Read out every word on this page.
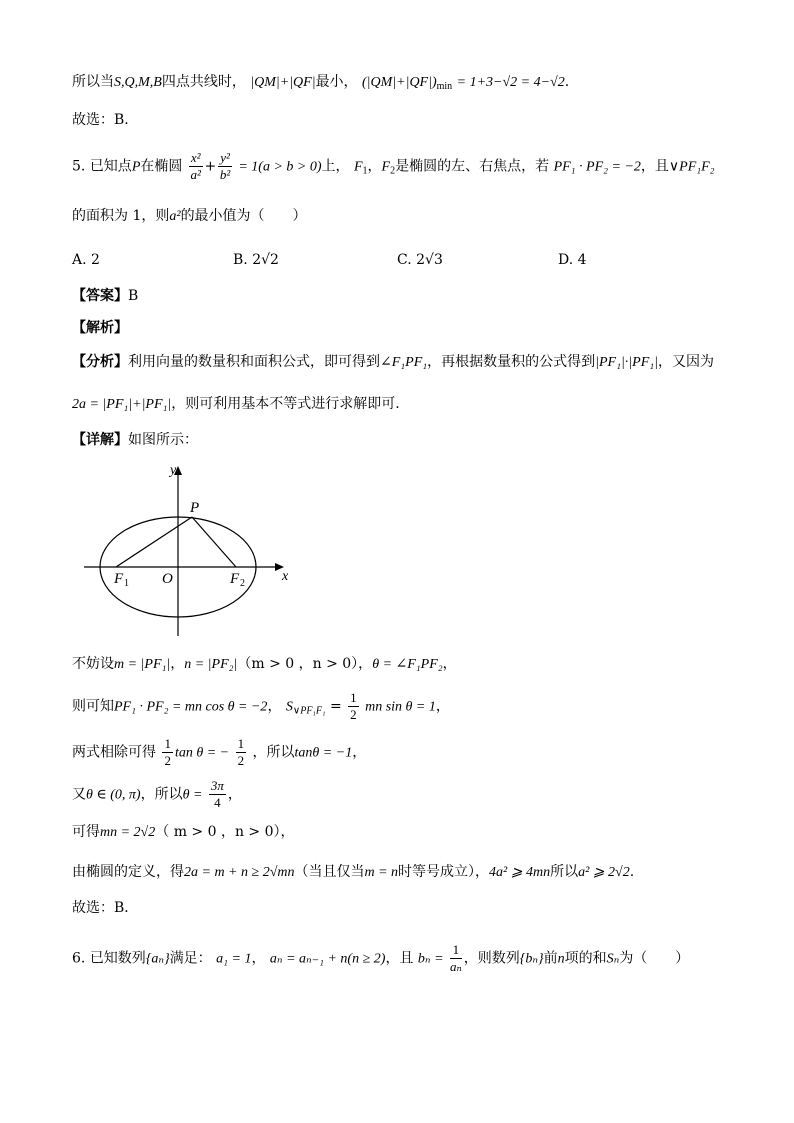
所以当S,Q,M,B四点共线时， |QM|+|QF|最小， $(|QM|+|QF|)_{min} = 1+3-√2 = 4-√2$.
故选：B.
5. 已知点P在椭圆 $\frac{\text{x²}}{\text{a²}} + \frac{\text{y²}}{\text{b²}} = 1(a > b > 0)$上， $F_1$，$F_2$是椭圆的左、右焦点，若 PF₁ · PF₂ = −2，且∨PF₁F₂
的面积为 1，则a²的最小值为（　　）
A. 2	B. 2√2	C. 2√3	D. 4
【答案】B
【解析】
【分析】利用向量的数量积和面积公式，即可得到∠F₁PF₁，再根据数量积的公式得到|PF₁|·|PF₁|，又因为
2a = |PF₁|+|PF₁|，则可利用基本不等式进行求解即可.
【详解】如图所示：
y
x
P
O
F 1	F 2
不妨设m = |PF₁|，n = |PF₂|（m > 0 ，n > 0），θ = ∠F₁PF₂，
则可知PF₁ · PF₂ = mn cos θ = −2， $S_{\vee PF_1F_1} = \frac{1}{2}$ mn sin θ = 1，
两式相除可得 $\frac{1}{2}$ tan θ = − $\frac{1}{2}$ ，所以tanθ = −1，
又θ ∈ (0, π)，所以$\theta = \frac{3\pi}{4}$ ，
可得mn = 2√2（ m > 0 ，n > 0），
由椭圆的定义，得2a = m + n ≥ 2√mn（当且仅当m = n时等号成立），4a² ⩾ 4mn所以a² ⩾ 2√2.
故选：B．
6. 已知数列{aₙ}满足： a₁ = 1， aₙ = aₙ₋₁ + n(n ≥ 2)，且 $b_n = \frac{1}{\text{aₙ}}$ ，则数列{bₙ}前n项的和Sₙ为（　　）
